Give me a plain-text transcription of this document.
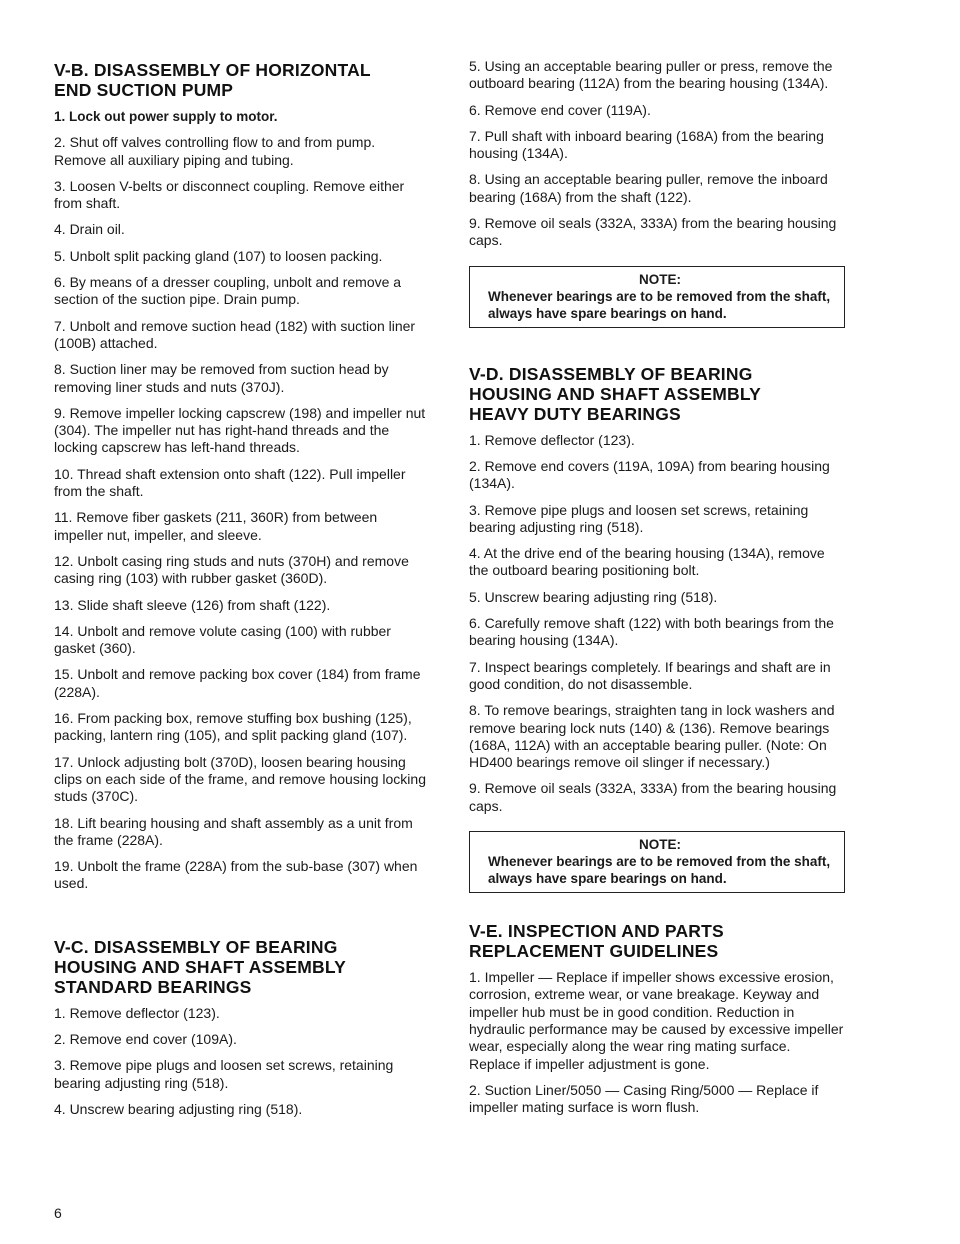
V-B. DISASSEMBLY OF HORIZONTAL
END SUCTION PUMP

1. Lock out power supply to motor.

2. Shut off valves controlling flow to and from pump. Remove all auxiliary piping and tubing.

3. Loosen V-belts or disconnect coupling. Remove either from shaft.

4. Drain oil.

5. Unbolt split packing gland (107) to loosen packing.

6. By means of a dresser coupling, unbolt and remove a section of the suction pipe. Drain pump.

7. Unbolt and remove suction head (182) with suction liner (100B) attached.

8. Suction liner may be removed from suction head by removing liner studs and nuts (370J).

9. Remove impeller locking capscrew (198) and impeller nut (304). The impeller nut has right-hand threads and the locking capscrew has left-hand threads.

10. Thread shaft extension onto shaft (122). Pull impeller from the shaft.

11. Remove fiber gaskets (211, 360R) from between impeller nut, impeller, and sleeve.

12. Unbolt casing ring studs and nuts (370H) and remove casing ring (103) with rubber gasket (360D).

13. Slide shaft sleeve (126) from shaft (122).

14. Unbolt and remove volute casing (100) with rubber gasket (360).

15. Unbolt and remove packing box cover (184) from frame (228A).

16. From packing box, remove stuffing box bushing (125), packing, lantern ring (105), and split packing gland (107).

17. Unlock adjusting bolt (370D), loosen bearing housing clips on each side of the frame, and remove housing locking studs (370C).

18. Lift bearing housing and shaft assembly as a unit from the frame (228A).

19. Unbolt the frame (228A) from the sub-base (307) when used.

V-C. DISASSEMBLY OF BEARING
HOUSING AND SHAFT ASSEMBLY
STANDARD BEARINGS

1. Remove deflector (123).

2. Remove end cover (109A).

3. Remove pipe plugs and loosen set screws, retaining bearing adjusting ring (518).

4. Unscrew bearing adjusting ring (518).

5. Using an acceptable bearing puller or press, remove the outboard bearing (112A) from the bearing housing (134A).

6. Remove end cover (119A).

7. Pull shaft with inboard bearing (168A) from the bearing housing (134A).

8. Using an acceptable bearing puller, remove the inboard bearing (168A) from the shaft (122).

9. Remove oil seals (332A, 333A) from the bearing housing caps.

NOTE:

Whenever bearings are to be removed from the shaft, always have spare bearings on hand.

V-D. DISASSEMBLY OF BEARING
HOUSING AND SHAFT ASSEMBLY
HEAVY DUTY BEARINGS

1. Remove deflector (123).

2. Remove end covers (119A, 109A) from bearing housing (134A).

3. Remove pipe plugs and loosen set screws, retaining bearing adjusting ring (518).

4. At the drive end of the bearing housing (134A), remove the outboard bearing positioning bolt.

5. Unscrew bearing adjusting ring (518).

6. Carefully remove shaft (122) with both bearings from the bearing housing (134A).

7. Inspect bearings completely. If bearings and shaft are in good condition, do not disassemble.

8. To remove bearings, straighten tang in lock washers and remove bearing lock nuts (140) & (136). Remove bearings (168A, 112A) with an acceptable bearing puller. (Note: On HD400 bearings remove oil slinger if necessary.)

9. Remove oil seals (332A, 333A) from the bearing housing caps.

NOTE:

Whenever bearings are to be removed from the shaft, always have spare bearings on hand.

V-E. INSPECTION AND PARTS
REPLACEMENT GUIDELINES

1. Impeller — Replace if impeller shows excessive erosion, corrosion, extreme wear, or vane breakage. Keyway and impeller hub must be in good condition. Reduction in hydraulic performance may be caused by excessive impeller wear, especially along the wear ring mating surface. Replace if impeller adjustment is gone.

2. Suction Liner/5050 — Casing Ring/5000 — Replace if impeller mating surface is worn flush.

6
